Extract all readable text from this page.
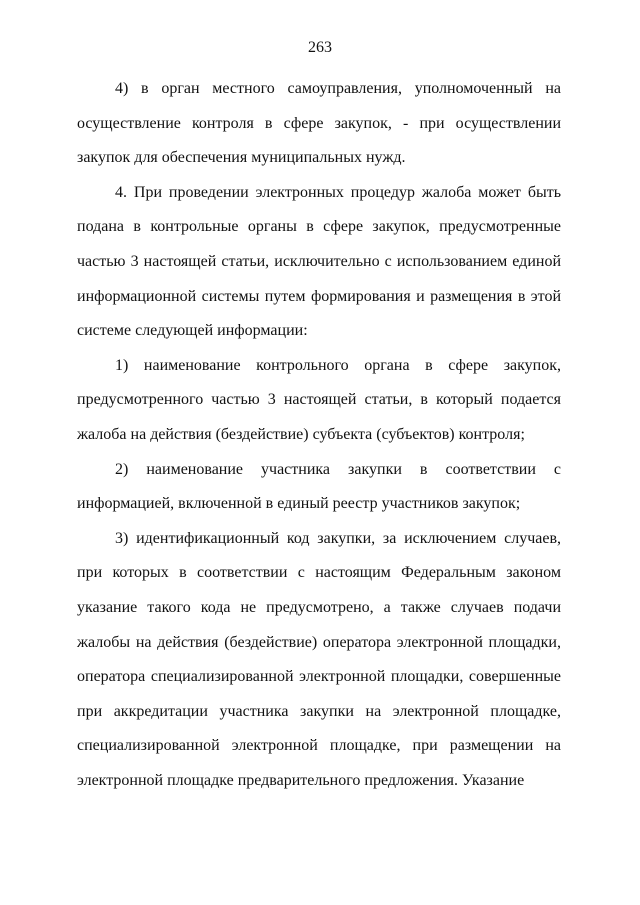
263

4) в орган местного самоуправления, уполномоченный на осуществление контроля в сфере закупок, - при осуществлении закупок для обеспечения муниципальных нужд.

4. При проведении электронных процедур жалоба может быть подана в контрольные органы в сфере закупок, предусмотренные частью 3 настоящей статьи, исключительно с использованием единой информационной системы путем формирования и размещения в этой системе следующей информации:

1) наименование контрольного органа в сфере закупок, предусмотренного частью 3 настоящей статьи, в который подается жалоба на действия (бездействие) субъекта (субъектов) контроля;

2) наименование участника закупки в соответствии с информацией, включенной в единый реестр участников закупок;

3) идентификационный код закупки, за исключением случаев, при которых в соответствии с настоящим Федеральным законом указание такого кода не предусмотрено, а также случаев подачи жалобы на действия (бездействие) оператора электронной площадки, оператора специализированной электронной площадки, совершенные при аккредитации участника закупки на электронной площадке, специализированной электронной площадке, при размещении на электронной площадке предварительного предложения. Указание
